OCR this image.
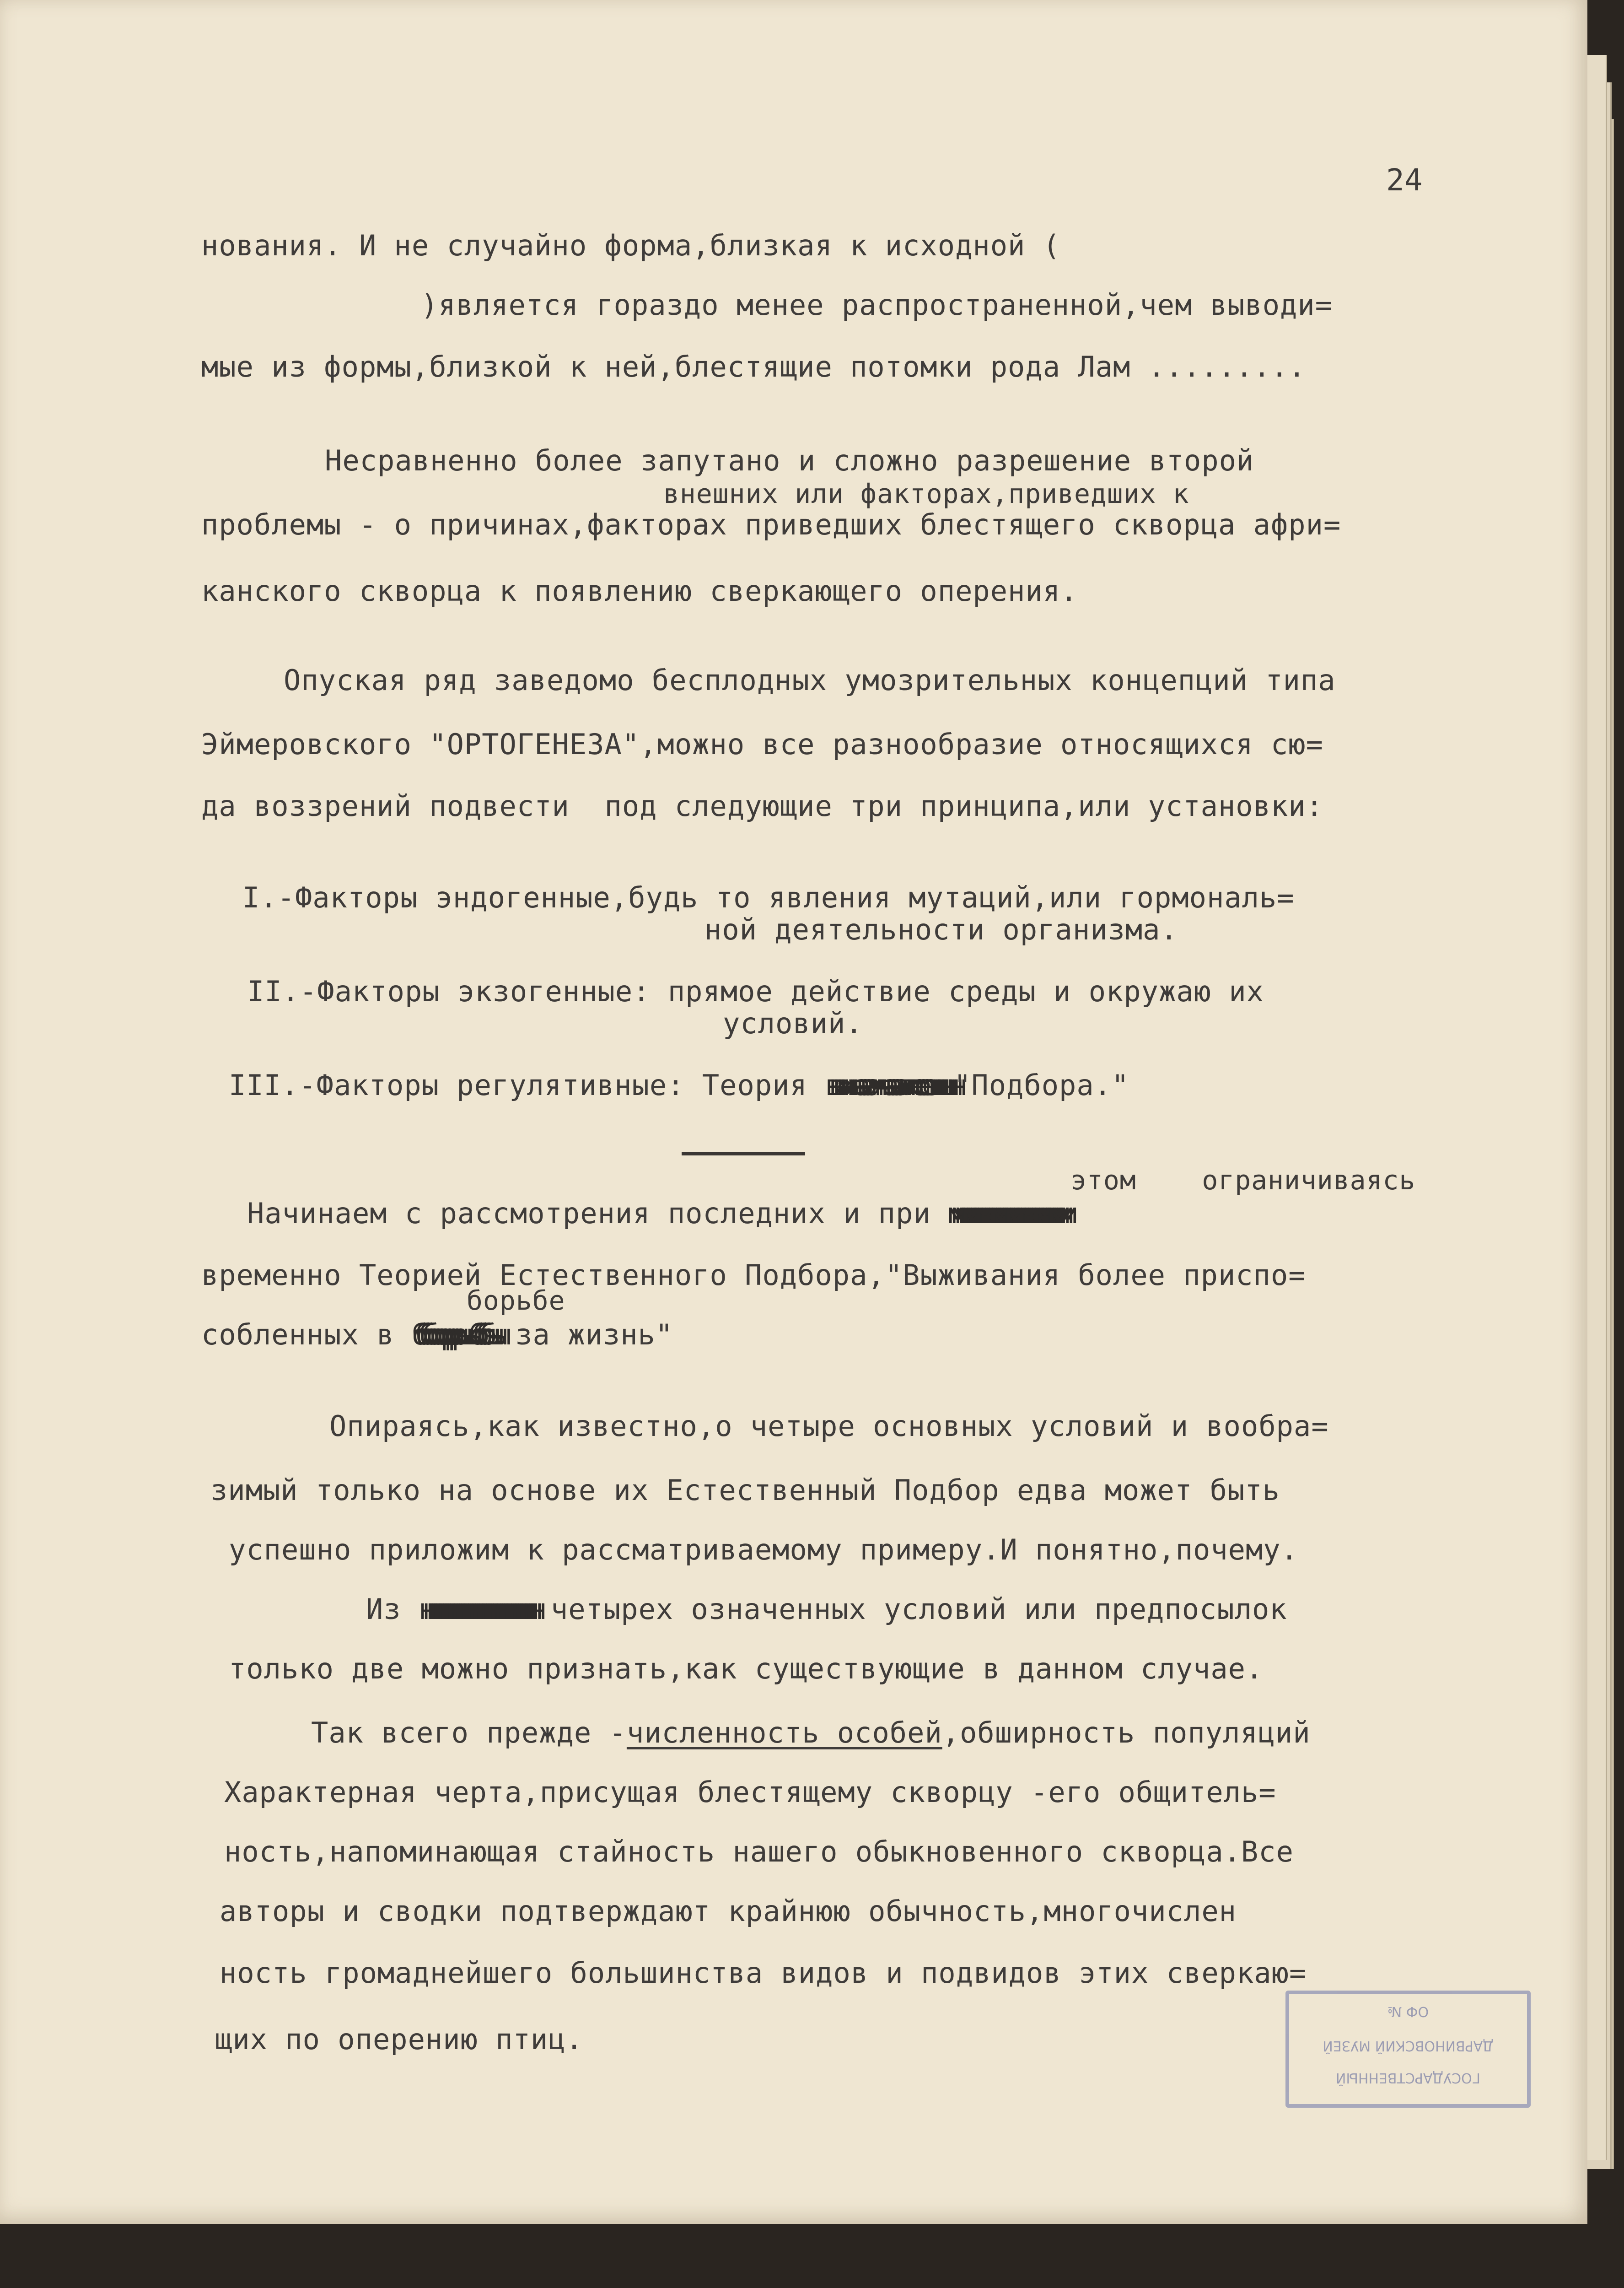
24
нования. И не случайно форма,близкая к исходной (
)является гораздо менее распространенной,чем выводи=
мые из формы,близкой к ней,блестящие потомки рода Лам .........
Несравненно более запутано и сложно разрешение второй
внешних или факторах,приведших к
проблемы - о причинах,факторах приведших блестящего скворца афри=
канского скворца к появлению сверкающего оперения.
Опуская ряд заведомо бесплодных умозрительных концепций типа
Эймеровского "ОРТОГЕНЕЗА",можно все разнообразие относящихся сю=
да воззрений подвести  под следующие три принципа,или установки:
I.-Факторы эндогенные,будь то явления мутаций,или гормональ=
ной деятельности организма.
II.-Факторы экзогенные: прямое действие среды и окружаю их
условий.
III.-Факторы регулятивные: Теория вначалешн"Подбора."
этом    ограничиваясь
Начинаем с рассмотрения последних и при мммммммм
временно Теорией Естественного Подбора,"Выживания более приспо=
борьбе
собленных в борьбы за жизнь"
Опираясь,как известно,о четыре основных условий и вообра=
зимый только на основе их Естественный Подбор едва может быть
успешно приложим к рассматриваемому примеру.И понятно,почему.
Из нннннннн четырех означенных условий или предпосылок
только две можно признать,как существующие в данном случае.
Так всего прежде -численность особей,обширность популяций
Характерная черта,присущая блестящему скворцу -его общитель=
ность,напоминающая стайность нашего обыкновенного скворца.Все
авторы и сводки подтверждают крайнюю обычность,многочислен
ность громаднейшего большинства видов и подвидов этих сверкаю=
щих по оперению птиц.
ОФ №
ДАРВИНОВСКИЙ МУЗЕЙ
ГОСУДАРСТВЕННЫЙ
